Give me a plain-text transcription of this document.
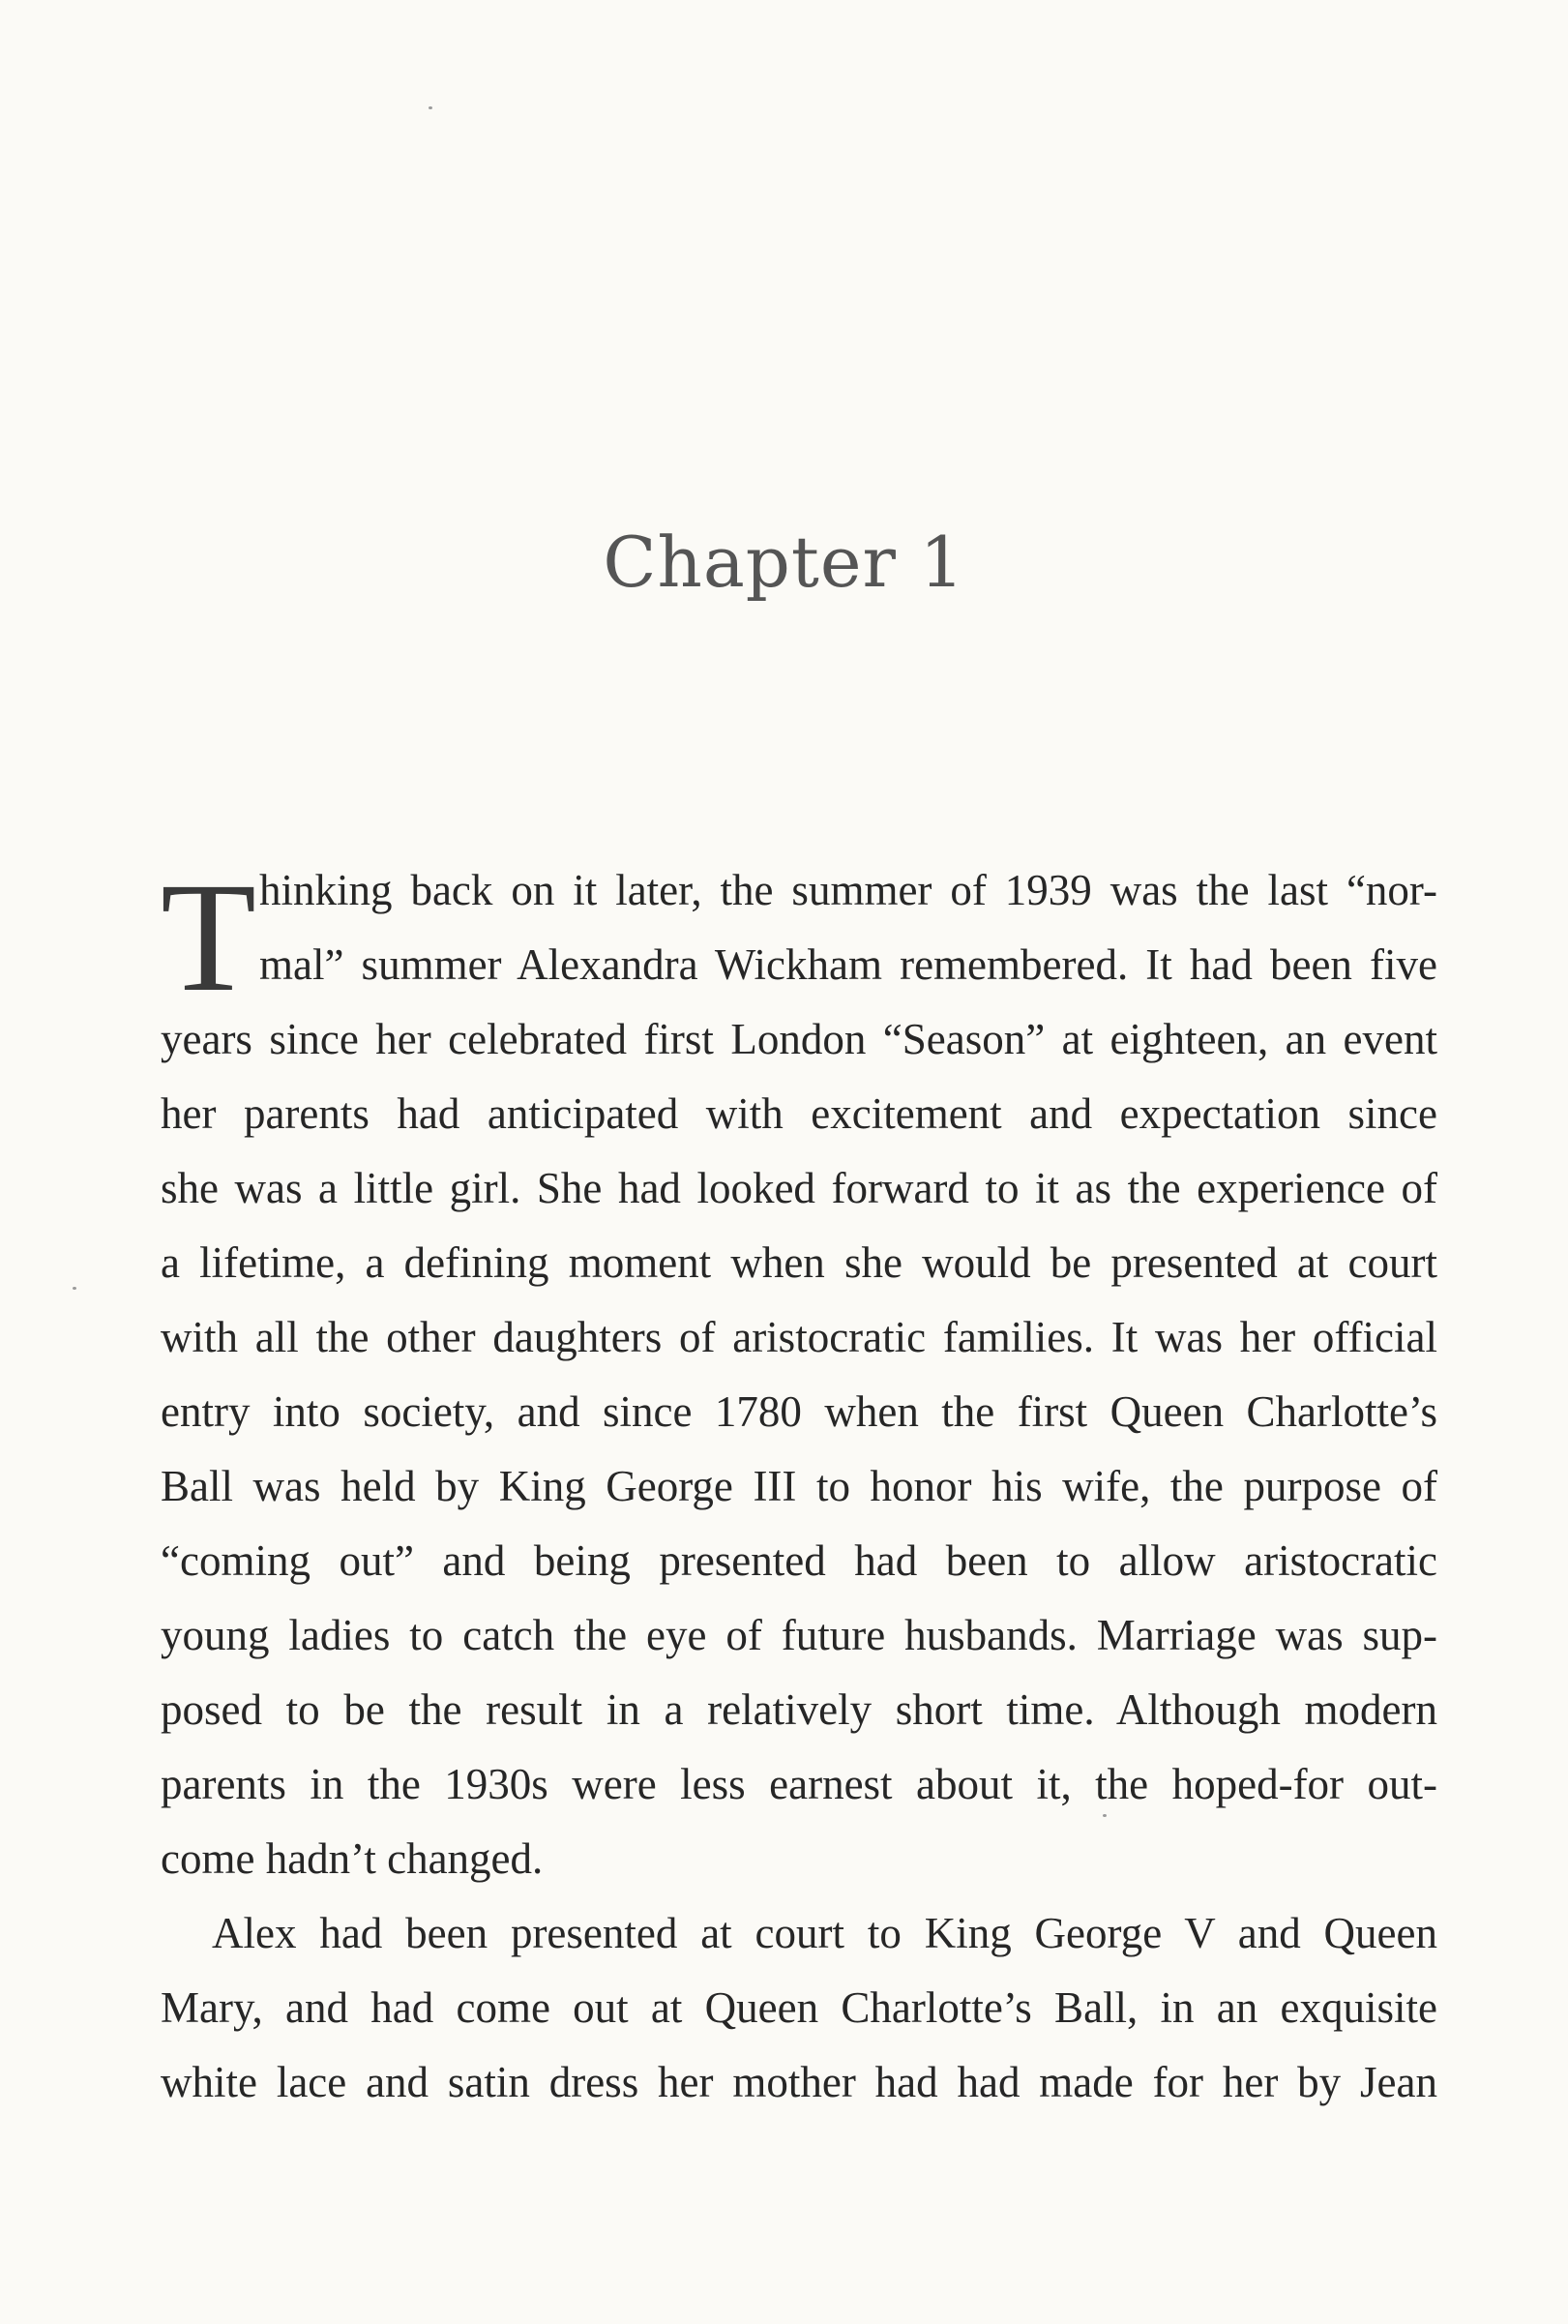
Chapter 1
T hinking back on it later, the summer of 1939 was the last “nor-
mal” summer Alexandra Wickham remembered. It had been five
years since her celebrated first London “Season” at eighteen, an event
her parents had anticipated with excitement and expectation since
she was a little girl. She had looked forward to it as the experience of
a lifetime, a defining moment when she would be presented at court
with all the other daughters of aristocratic families. It was her official
entry into society, and since 1780 when the first Queen Charlotte’s
Ball was held by King George III to honor his wife, the purpose of
“coming out” and being presented had been to allow aristocratic
young ladies to catch the eye of future husbands. Marriage was sup-
posed to be the result in a relatively short time. Although modern
parents in the 1930s were less earnest about it, the hoped-for out-
come hadn’t changed.
Alex had been presented at court to King George V and Queen
Mary, and had come out at Queen Charlotte’s Ball, in an exquisite
white lace and satin dress her mother had had made for her by Jean
